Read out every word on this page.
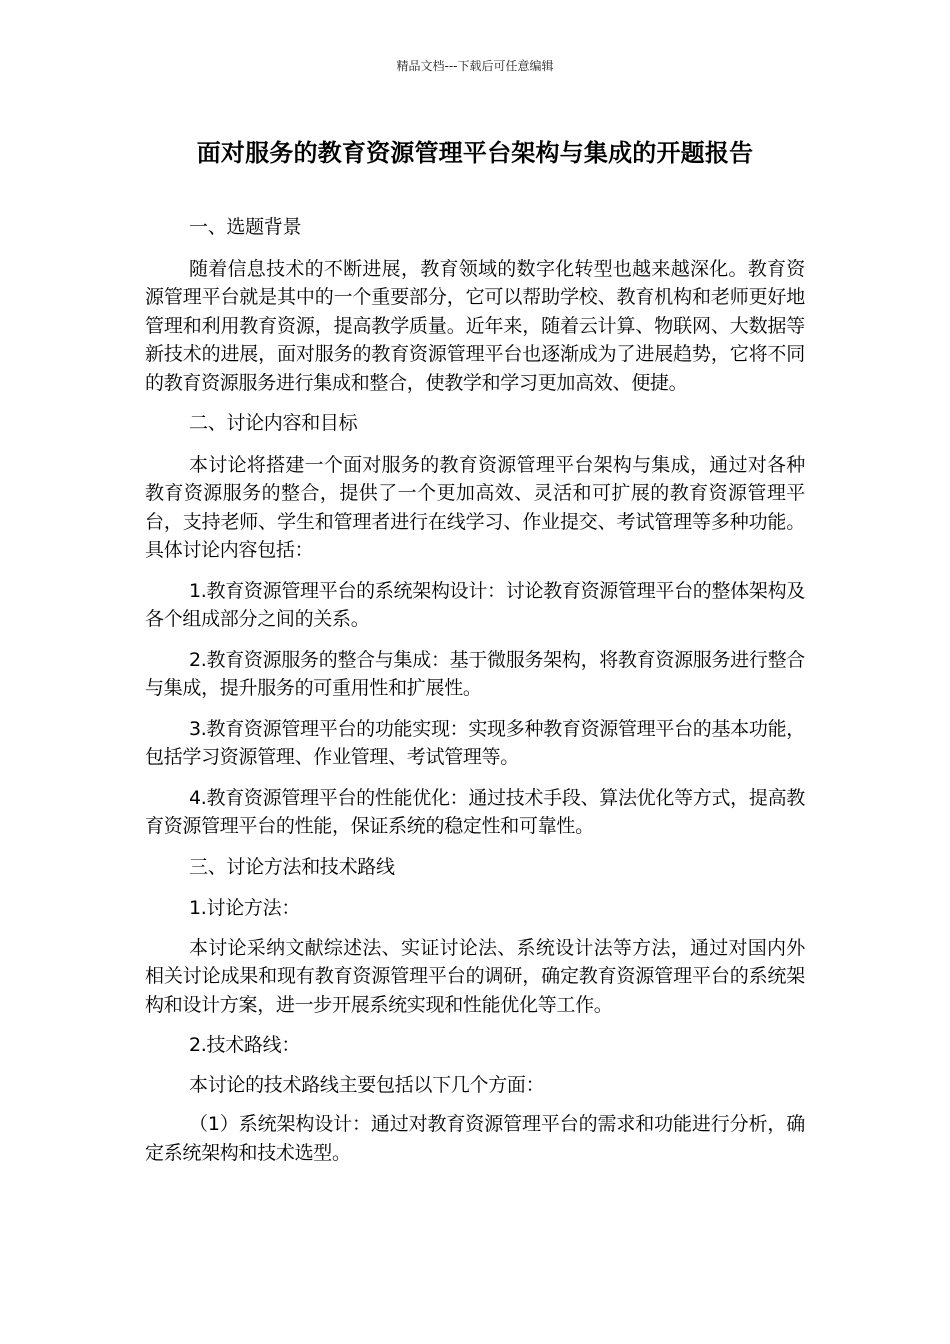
精品文档---下载后可任意编辑
面对服务的教育资源管理平台架构与集成的开题报告

一、选题背景

随着信息技术的不断进展，教育领域的数字化转型也越来越深化。教育资源管理平台就是其中的一个重要部分，它可以帮助学校、教育机构和老师更好地管理和利用教育资源，提高教学质量。近年来，随着云计算、物联网、大数据等新技术的进展，面对服务的教育资源管理平台也逐渐成为了进展趋势，它将不同的教育资源服务进行集成和整合，使教学和学习更加高效、便捷。

二、讨论内容和目标

本讨论将搭建一个面对服务的教育资源管理平台架构与集成，通过对各种教育资源服务的整合，提供了一个更加高效、灵活和可扩展的教育资源管理平台，支持老师、学生和管理者进行在线学习、作业提交、考试管理等多种功能。具体讨论内容包括：

1.教育资源管理平台的系统架构设计：讨论教育资源管理平台的整体架构及各个组成部分之间的关系。

2.教育资源服务的整合与集成：基于微服务架构，将教育资源服务进行整合与集成，提升服务的可重用性和扩展性。

3.教育资源管理平台的功能实现：实现多种教育资源管理平台的基本功能，包括学习资源管理、作业管理、考试管理等。

4.教育资源管理平台的性能优化：通过技术手段、算法优化等方式，提高教育资源管理平台的性能，保证系统的稳定性和可靠性。

三、讨论方法和技术路线

1.讨论方法：

本讨论采纳文献综述法、实证讨论法、系统设计法等方法，通过对国内外相关讨论成果和现有教育资源管理平台的调研，确定教育资源管理平台的系统架构和设计方案，进一步开展系统实现和性能优化等工作。

2.技术路线：

本讨论的技术路线主要包括以下几个方面：

（1）系统架构设计：通过对教育资源管理平台的需求和功能进行分析，确定系统架构和技术选型。
